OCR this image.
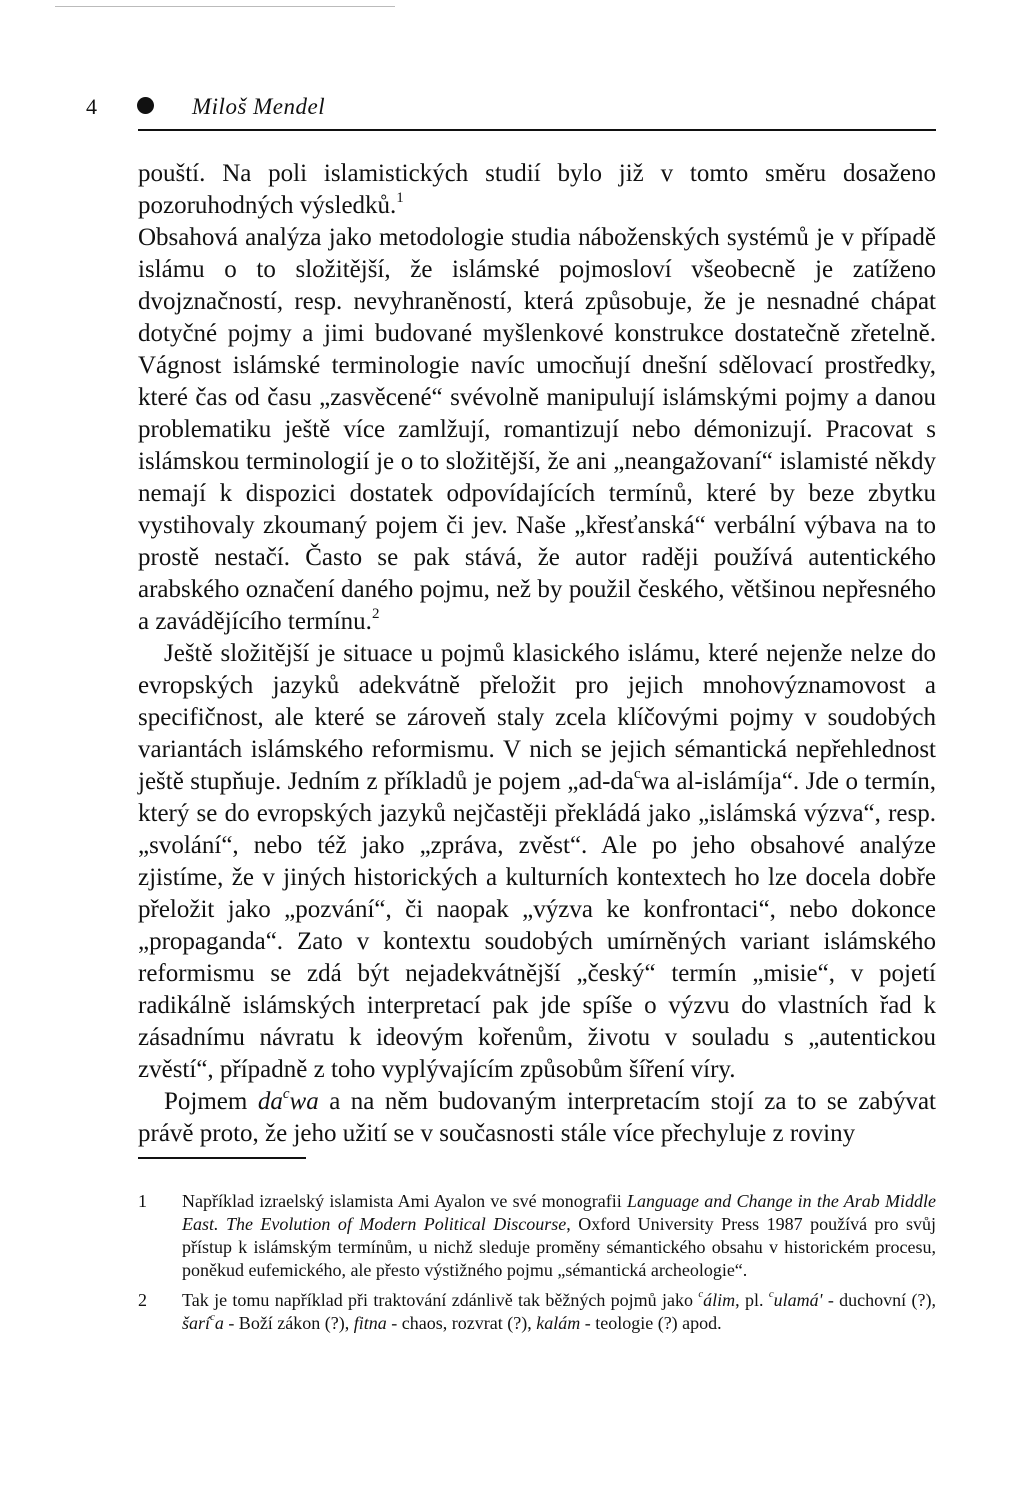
4	Miloš Mendel

pouští. Na poli islamistických studií bylo již v tomto směru dosaženo pozoruhodných výsledků.$^1$

Obsahová analýza jako metodologie studia náboženských systémů je v případě islámu o to složitější, že islámské pojmosloví všeobecně je zatíženo dvojznačností, resp. nevyhraněností, která způsobuje, že je nesnadné chápat dotyčné pojmy a jimi budované myšlenkové konstrukce dostatečně zřetelně. Vágnost islámské terminologie navíc umocňují dnešní sdělovací prostředky, které čas od času „zasvěcené“ svévolně manipulují islámskými pojmy a danou problematiku ještě více zamlžují, romantizují nebo démonizují. Pracovat s islámskou terminologií je o to složitější, že ani „neangažovaní“ islamisté někdy nemají k dispozici dostatek odpovídajících termínů, které by beze zbytku vystihovaly zkoumaný pojem či jev. Naše „křesťanská“ verbální výbava na to prostě nestačí. Často se pak stává, že autor raději používá autentického arabského označení daného pojmu, než by použil českého, většinou nepřesného a zavádějícího termínu.$^2$

Ještě složitější je situace u pojmů klasického islámu, které nejenže nelze do evropských jazyků adekvátně přeložit pro jejich mnohovýznamovost a specifičnost, ale které se zároveň staly zcela klíčovými pojmy v soudobých variantách islámského reformismu. V nich se jejich sémantická nepřehlednost ještě stupňuje. Jedním z příkladů je pojem $„ad-da^cwa$ al-islámíja“. Jde o termín, který se do evropských jazyků nejčastěji překládá jako „islámská výzva“, resp. „svolání“, nebo též jako „zpráva, zvěst“. Ale po jeho obsahové analýze zjistíme, že v jiných historických a kulturních kontextech ho lze docela dobře přeložit jako „pozvání“, či naopak „výzva ke konfrontaci“, nebo dokonce „propaganda“. Zato v kontextu soudobých umírněných variant islámského reformismu se zdá být nejadekvátnější „český“ termín „misie“, v pojetí radikálně islámských interpretací pak jde spíše o výzvu do vlastních řad k zásadnímu návratu k ideovým kořenům, životu v souladu s „autentickou zvěstí“, případně z toho vyplývajícím způsobům šíření víry.

Pojmem $da^cwa$ a na něm budovaným interpretacím stojí za to se zabývat právě proto, že jeho užití se v současnosti stále více přechyluje z roviny

1	Například izraelský islamista Ami Ayalon ve své monografii Language and Change in the Arab Middle East. The Evolution of Modern Political Discourse, Oxford University Press 1987 používá pro svůj přístup k islámským termínům, u nichž sleduje proměny sémantického obsahu v historickém procesu, poněkud eufemického, ale přesto výstižného pojmu „sémantická archeologie“.
2	Tak je tomu například při traktování zdánlivě tak běžných pojmů jako $^c$álim, pl. $^c$ulamá' - duchovní (?), šarí$^c$a - Boží zákon (?), fitna - chaos, rozvrat (?), kalám - teologie (?) apod.
